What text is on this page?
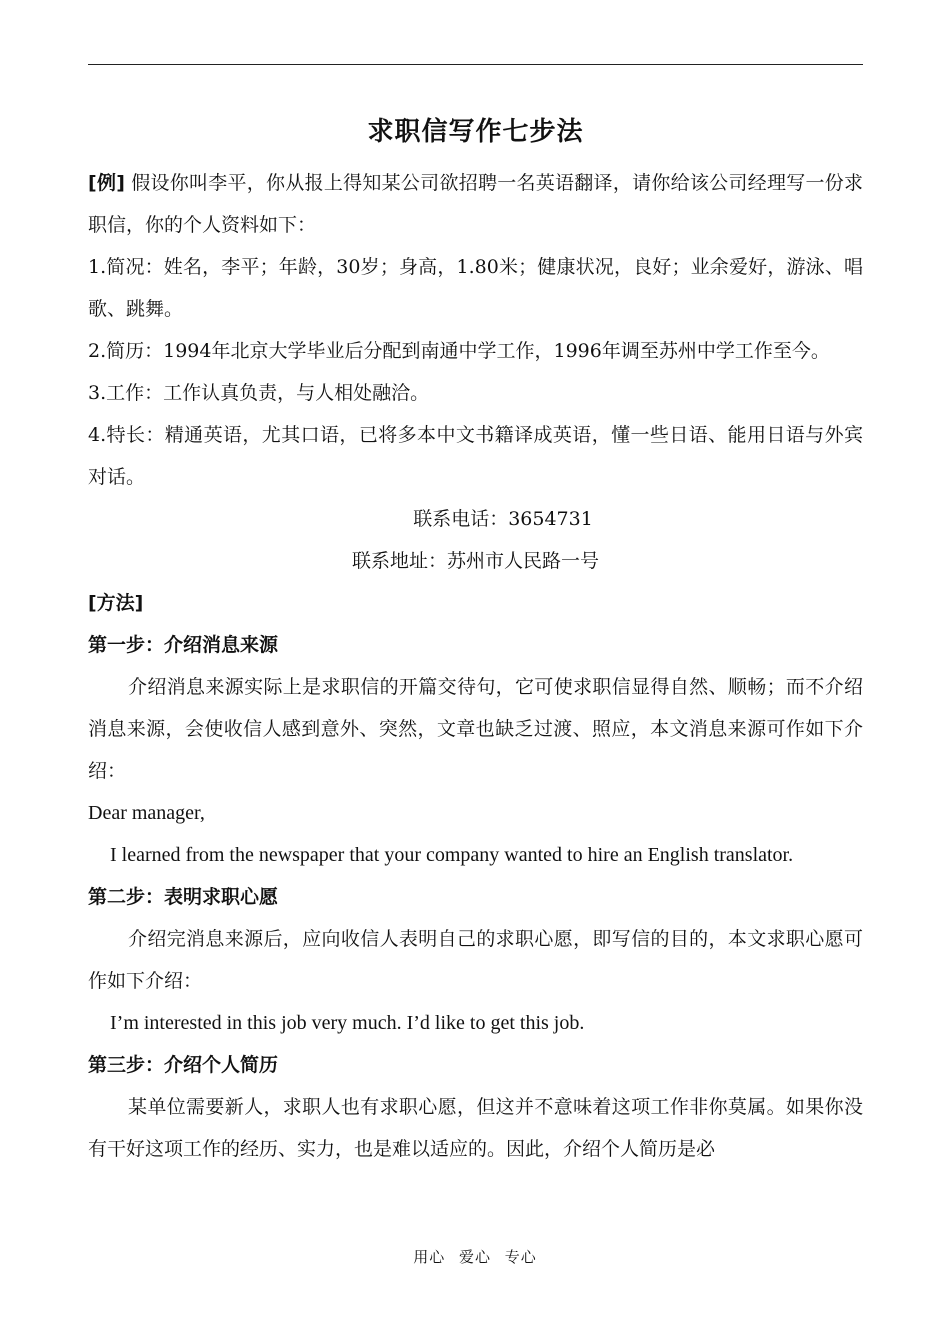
求职信写作七步法

[例] 假设你叫李平，你从报上得知某公司欲招聘一名英语翻译，请你给该公司经理写一份求职信，你的个人资料如下：

1.简况：姓名，李平；年龄，30岁；身高，1.80米；健康状况，良好；业余爱好，游泳、唱歌、跳舞。

2.简历：1994年北京大学毕业后分配到南通中学工作，1996年调至苏州中学工作至今。

3.工作：工作认真负责，与人相处融洽。

4.特长：精通英语，尤其口语，已将多本中文书籍译成英语，懂一些日语、能用日语与外宾对话。

联系电话：3654731

联系地址：苏州市人民路一号

[方法]

第一步：介绍消息来源

介绍消息来源实际上是求职信的开篇交待句，它可使求职信显得自然、顺畅；而不介绍消息来源，会使收信人感到意外、突然，文章也缺乏过渡、照应，本文消息来源可作如下介绍：

Dear manager,

I learned from the newspaper that your company wanted to hire an English translator.

第二步：表明求职心愿

介绍完消息来源后，应向收信人表明自己的求职心愿，即写信的目的，本文求职心愿可作如下介绍：

I’m interested in this job very much. I’d like to get this job.

第三步：介绍个人简历

某单位需要新人，求职人也有求职心愿，但这并不意味着这项工作非你莫属。如果你没有干好这项工作的经历、实力，也是难以适应的。因此，介绍个人简历是必

用心 爱心 专心
